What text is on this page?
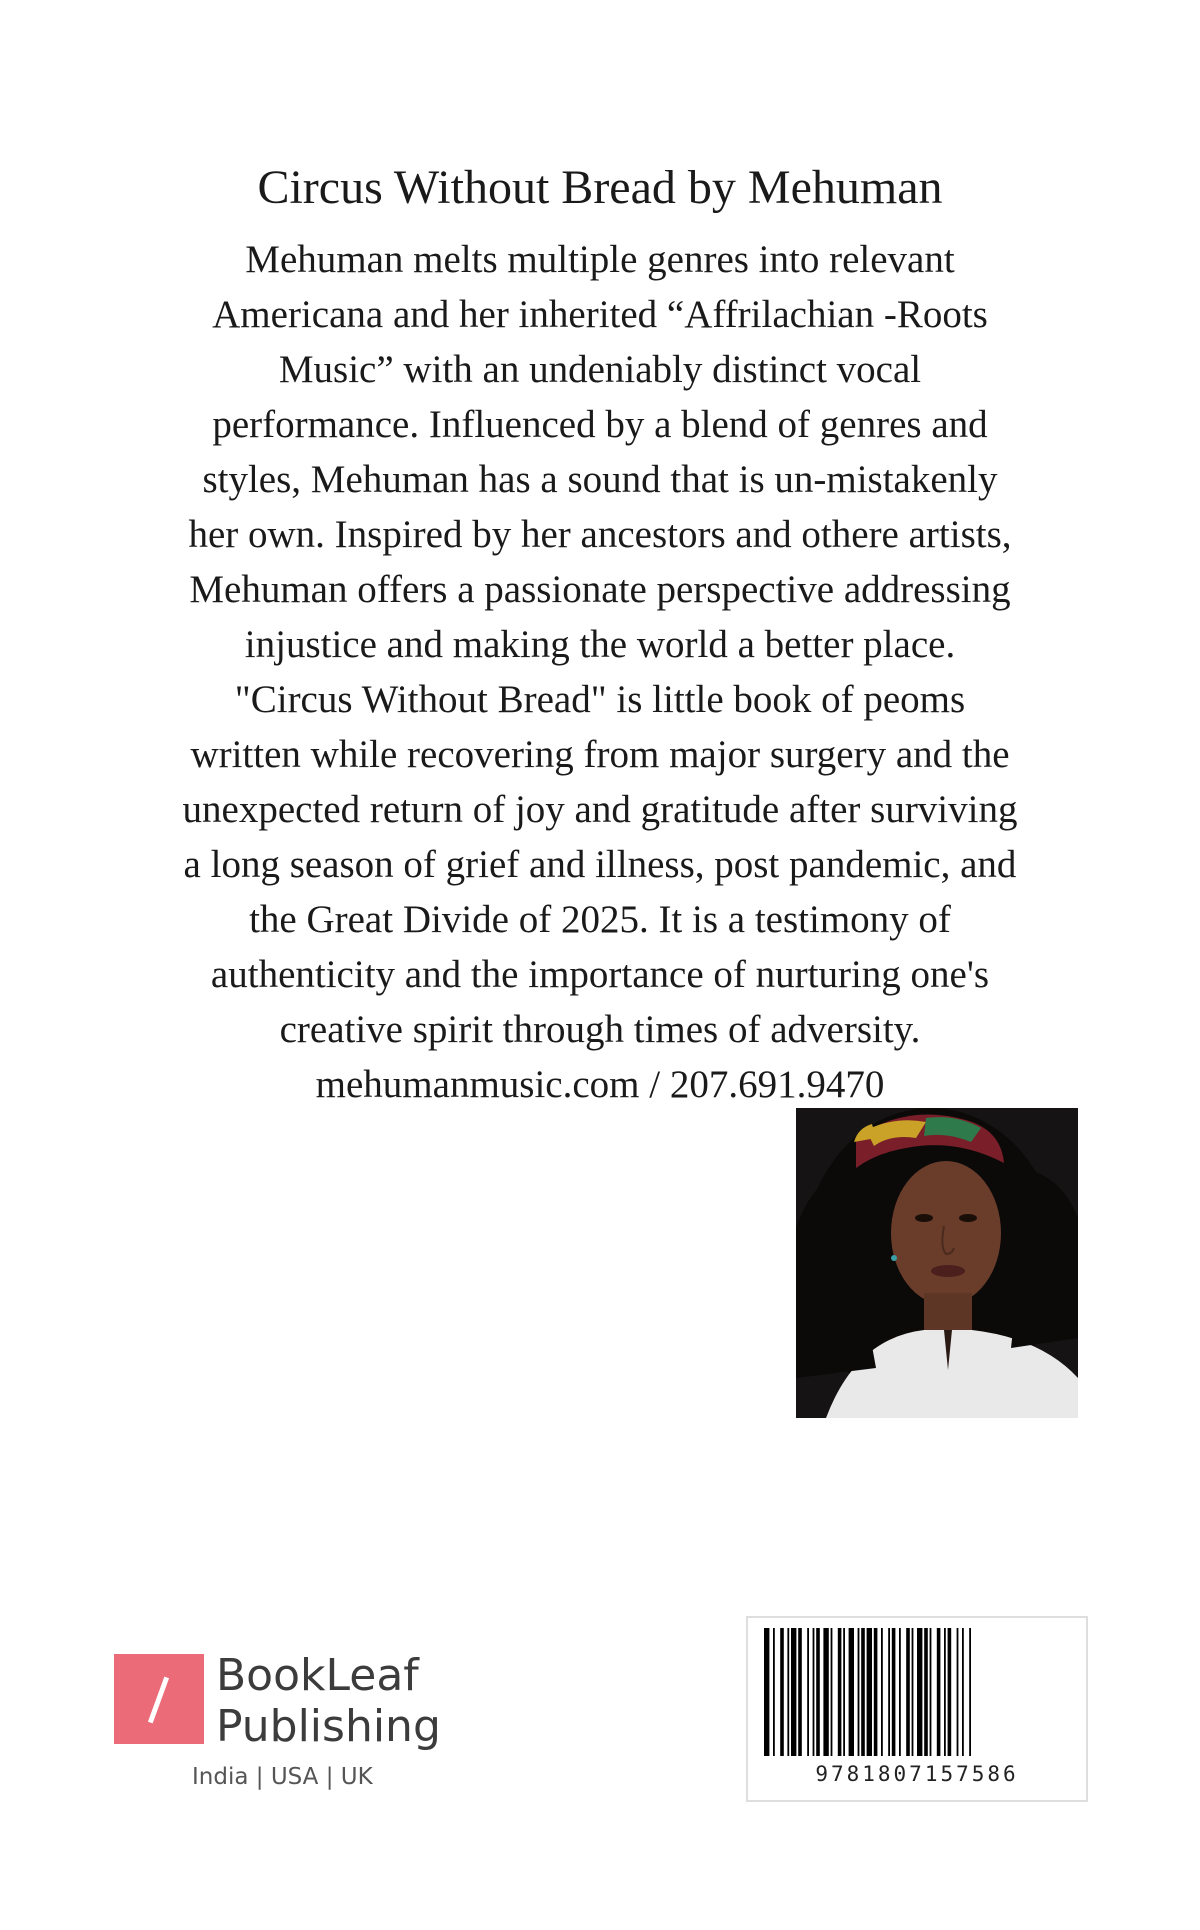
Circus Without Bread by Mehuman
Mehuman melts multiple genres into relevant
Americana and her inherited “Affrilachian -Roots
Music” with an undeniably distinct vocal
performance. Influenced by a blend of genres and
styles, Mehuman has a sound that is un-mistakenly
her own. Inspired by her ancestors and othere artists,
Mehuman offers a passionate perspective addressing
injustice and making the world a better place.
"Circus Without Bread" is little book of peoms
written while recovering from major surgery and the
unexpected return of joy and gratitude after surviving
a long season of grief and illness, post pandemic, and
the Great Divide of 2025. It is a testimony of
authenticity and the importance of nurturing one's
creative spirit through times of adversity.
mehumanmusic.com / 207.691.9470
BookLeaf
Publishing
India | USA | UK	9781807157586
